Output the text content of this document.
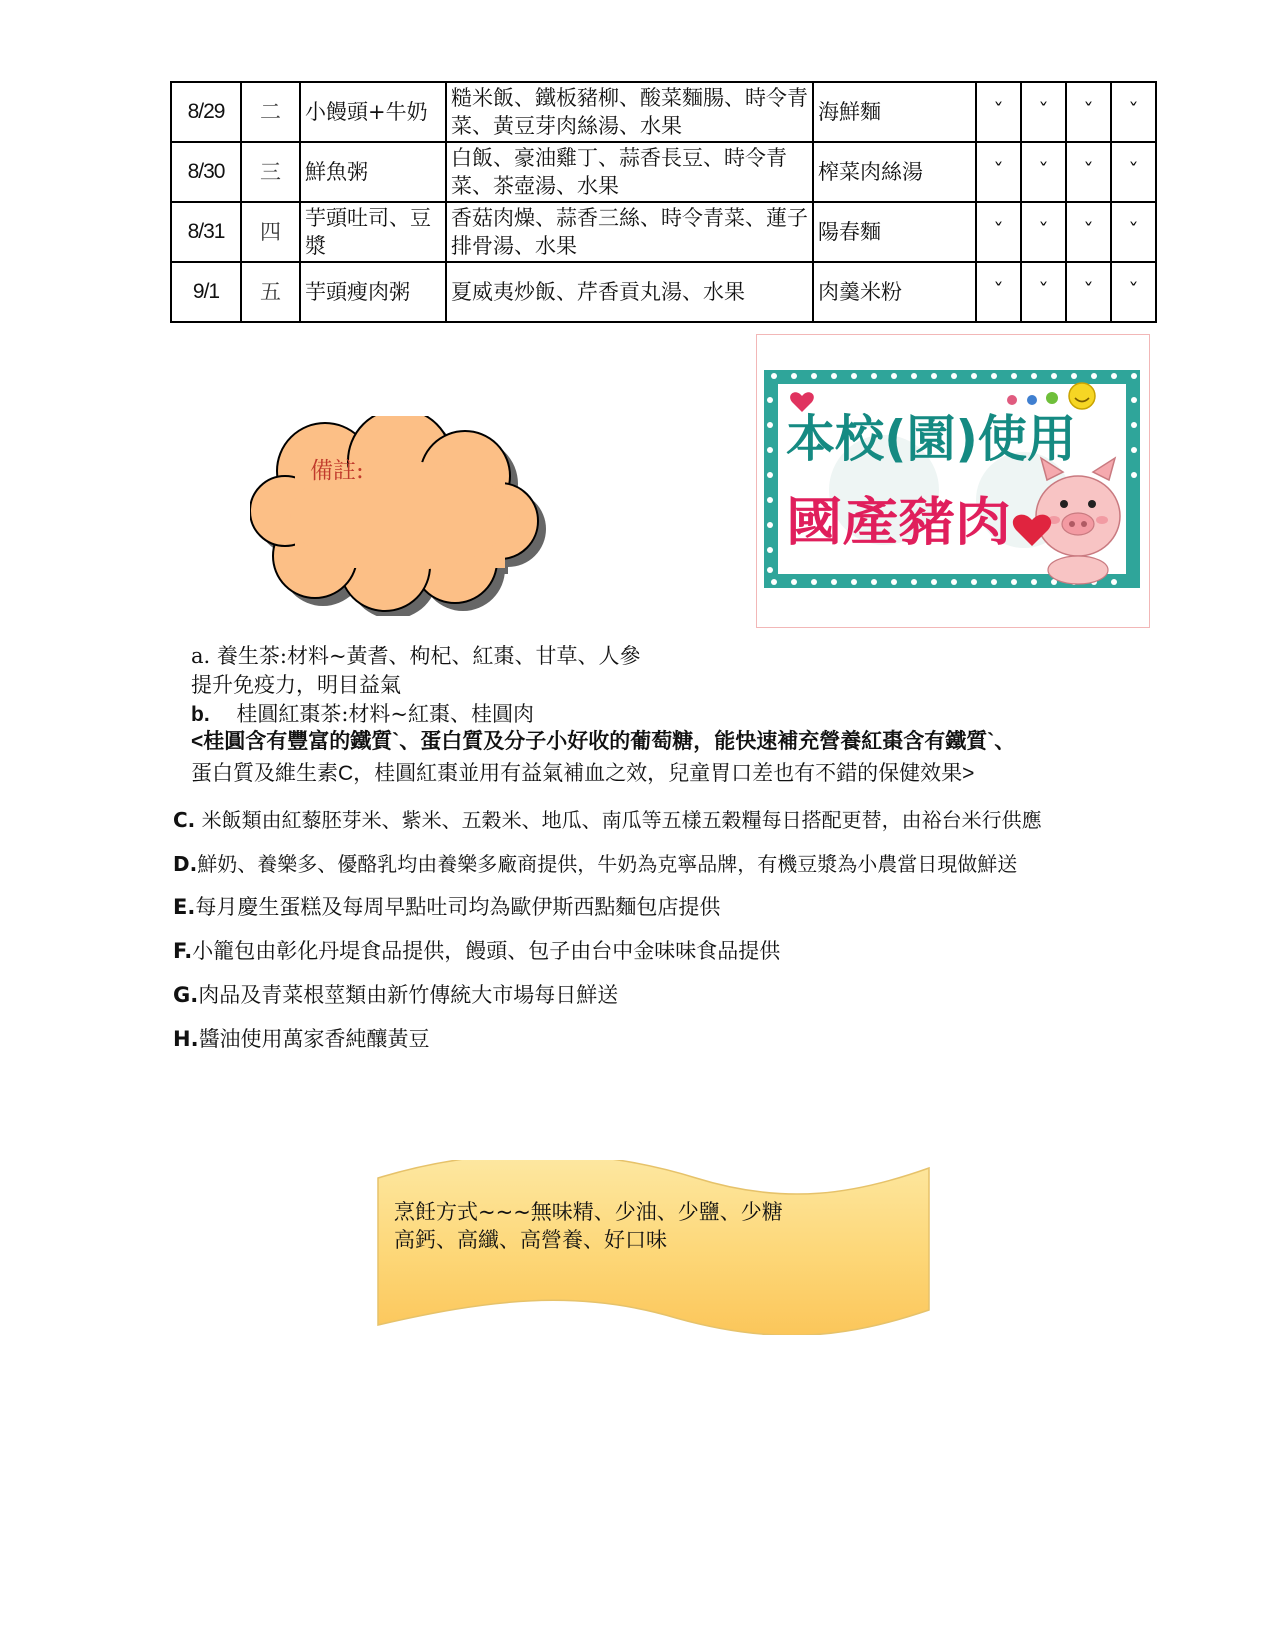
8/29	二	小饅頭+牛奶	糙米飯、鐵板豬柳、酸菜麵腸、時令青菜、黃豆芽肉絲湯、水果	海鮮麵	ˇ	ˇ	ˇ	ˇ
8/30	三	鮮魚粥	白飯、豪油雞丁、蒜香長豆、時令青菜、茶壺湯、水果	榨菜肉絲湯	ˇ	ˇ	ˇ	ˇ
8/31	四	芋頭吐司、豆漿	香菇肉燥、蒜香三絲、時令青菜、蓮子排骨湯、水果	陽春麵	ˇ	ˇ	ˇ	ˇ
9/1	五	芋頭瘦肉粥	夏威夷炒飯、芹香貢丸湯、水果	肉羹米粉	ˇ	ˇ	ˇ	ˇ
備註:
本校(園)使用
國產豬肉
a. 養生茶:材料~黃耆、枸杞、紅棗、甘草、人參
提升免疫力，明目益氣
b. 桂圓紅棗茶:材料~紅棗、桂圓肉
<桂圓含有豐富的鐵質`、蛋白質及分子小好收的葡萄糖，能快速補充營養紅棗含有鐵質`、
蛋白質及維生素C，桂圓紅棗並用有益氣補血之效，兒童胃口差也有不錯的保健效果>
C. 米飯類由紅藜胚芽米、紫米、五穀米、地瓜、南瓜等五樣五穀糧每日搭配更替，由裕台米行供應
D.鮮奶、養樂多、優酪乳均由養樂多廠商提供，牛奶為克寧品牌，有機豆漿為小農當日現做鮮送
E.每月慶生蛋糕及每周早點吐司均為歐伊斯西點麵包店提供
F.小籠包由彰化丹堤食品提供，饅頭、包子由台中金味味食品提供
G.肉品及青菜根莖類由新竹傳統大市場每日鮮送
H.醬油使用萬家香純釀黃豆
烹飪方式~~~無味精、少油、少鹽、少糖
高鈣、高纖、高營養、好口味
